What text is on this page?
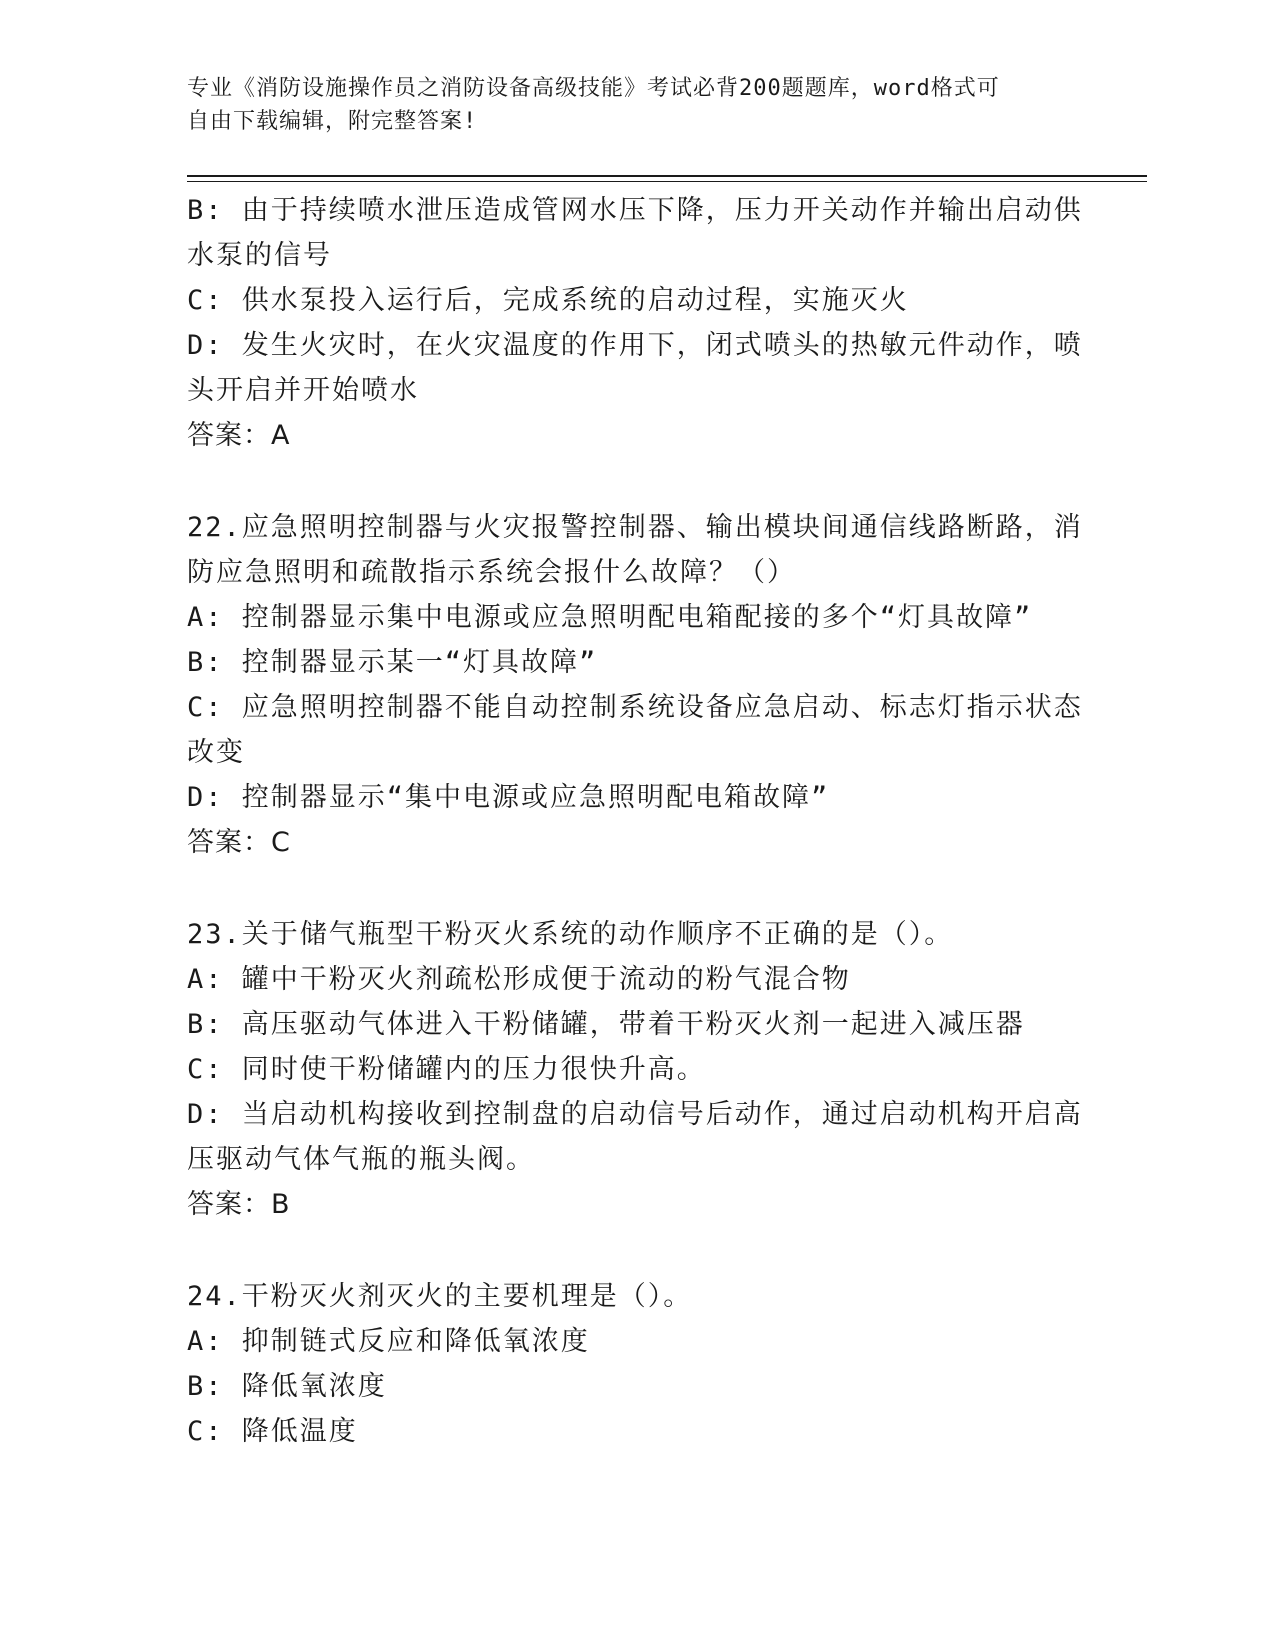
专业《消防设施操作员之消防设备高级技能》考试必背200题题库，word格式可
自由下载编辑，附完整答案!
B: 由于持续喷水泄压造成管网水压下降，压力开关动作并输出启动供
水泵的信号
C: 供水泵投入运行后，完成系统的启动过程，实施灭火
D: 发生火灾时，在火灾温度的作用下，闭式喷头的热敏元件动作，喷
头开启并开始喷水
答案：A
22.应急照明控制器与火灾报警控制器、输出模块间通信线路断路，消
防应急照明和疏散指示系统会报什么故障？（）
A: 控制器显示集中电源或应急照明配电箱配接的多个“灯具故障”
B: 控制器显示某一“灯具故障”
C: 应急照明控制器不能自动控制系统设备应急启动、标志灯指示状态
改变
D: 控制器显示“集中电源或应急照明配电箱故障”
答案：C
23.关于储气瓶型干粉灭火系统的动作顺序不正确的是（）。
A: 罐中干粉灭火剂疏松形成便于流动的粉气混合物
B: 高压驱动气体进入干粉储罐，带着干粉灭火剂一起进入减压器
C: 同时使干粉储罐内的压力很快升高。
D: 当启动机构接收到控制盘的启动信号后动作，通过启动机构开启高
压驱动气体气瓶的瓶头阀。
答案：B
24.干粉灭火剂灭火的主要机理是（）。
A: 抑制链式反应和降低氧浓度
B: 降低氧浓度
C: 降低温度
